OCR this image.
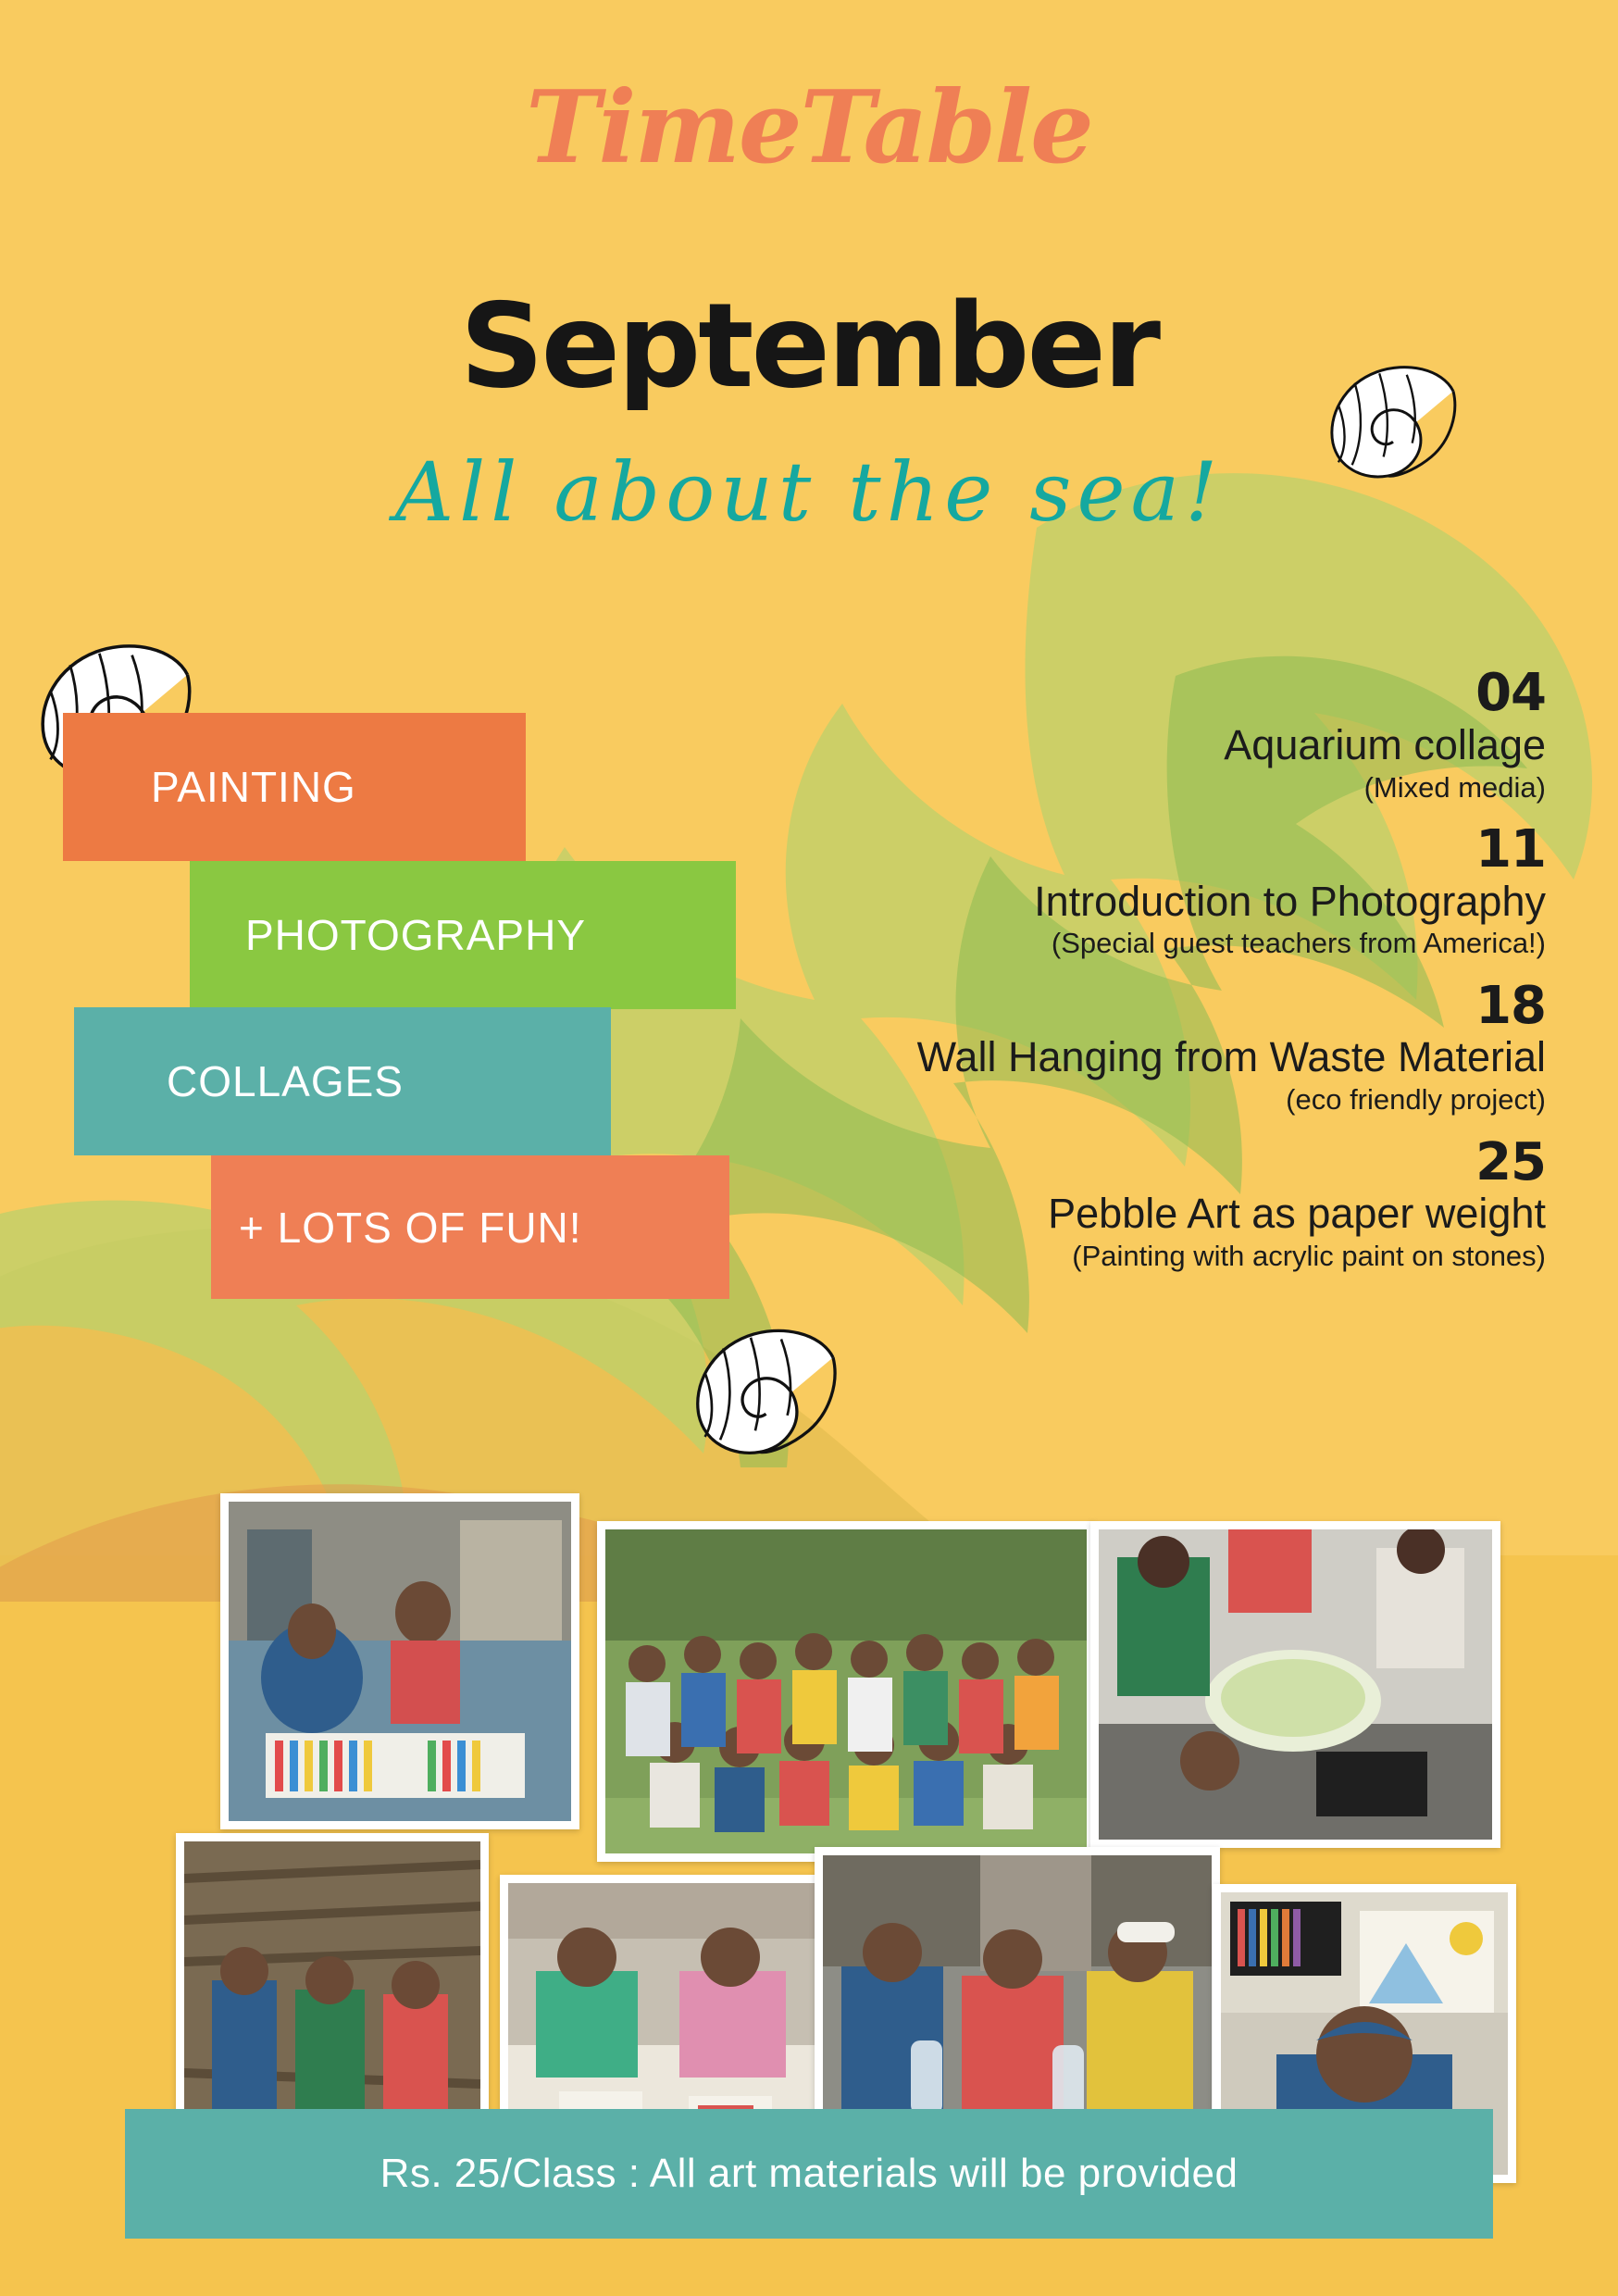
TimeTable
September
All about the sea!
PAINTING
PHOTOGRAPHY
COLLAGES
+ LOTS OF FUN!
04
Aquarium collage
(Mixed media)
11
Introduction to Photography
(Special guest teachers from America!)
18
Wall Hanging from Waste Material
(eco friendly project)
25
Pebble Art as paper weight
(Painting with acrylic paint on stones)
Rs. 25/Class : All art materials will be provided
